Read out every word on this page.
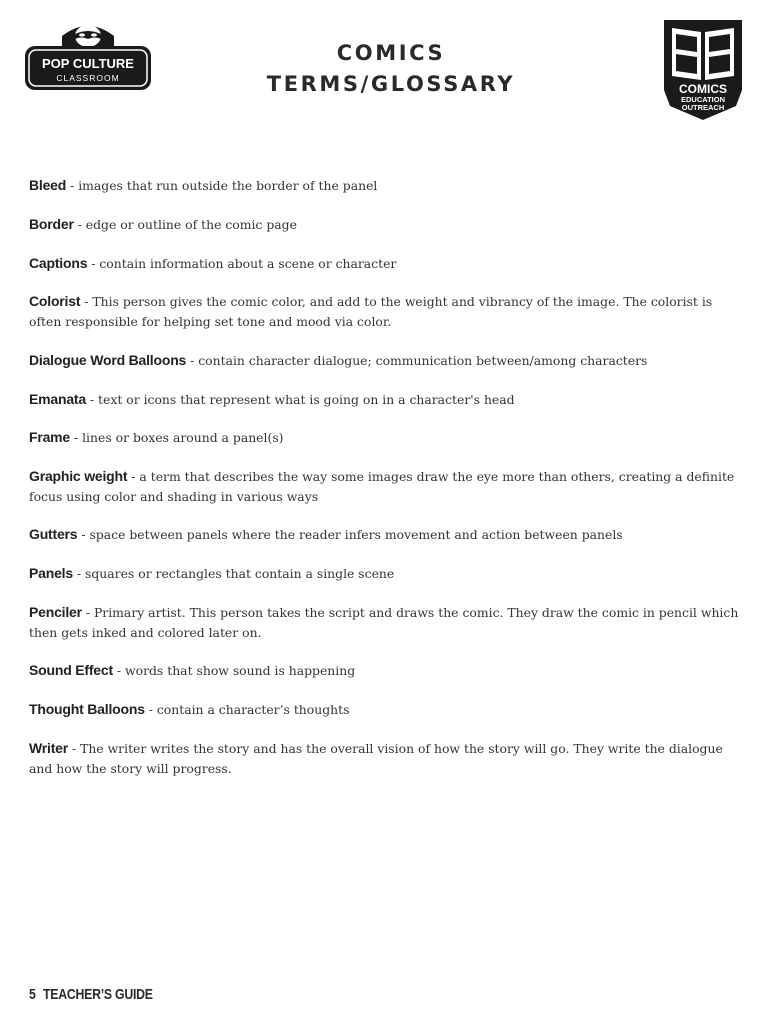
POP CULTURE
CLASSROOM
COMICS
TERMS/GLOSSARY	COMICS
EDUCATION
OUTREACH
Bleed - images that run outside the border of the panel
Border - edge or outline of the comic page
Captions - contain information about a scene or character
Colorist - This person gives the comic color, and add to the weight and vibrancy of the image. The colorist is often responsible for helping set tone and mood via color.
Dialogue Word Balloons - contain character dialogue; communication between/among characters
Emanata - text or icons that represent what is going on in a character's head
Frame - lines or boxes around a panel(s)
Graphic weight - a term that describes the way some images draw the eye more than others, creating a definite focus using color and shading in various ways
Gutters - space between panels where the reader infers movement and action between panels
Panels - squares or rectangles that contain a single scene
Penciler - Primary artist. This person takes the script and draws the comic. They draw the comic in pencil which then gets inked and colored later on.
Sound Effect - words that show sound is happening
Thought Balloons - contain a character’s thoughts
Writer - The writer writes the story and has the overall vision of how the story will go. They write the dialogue and how the story will progress.
5 TEACHER’S GUIDE
